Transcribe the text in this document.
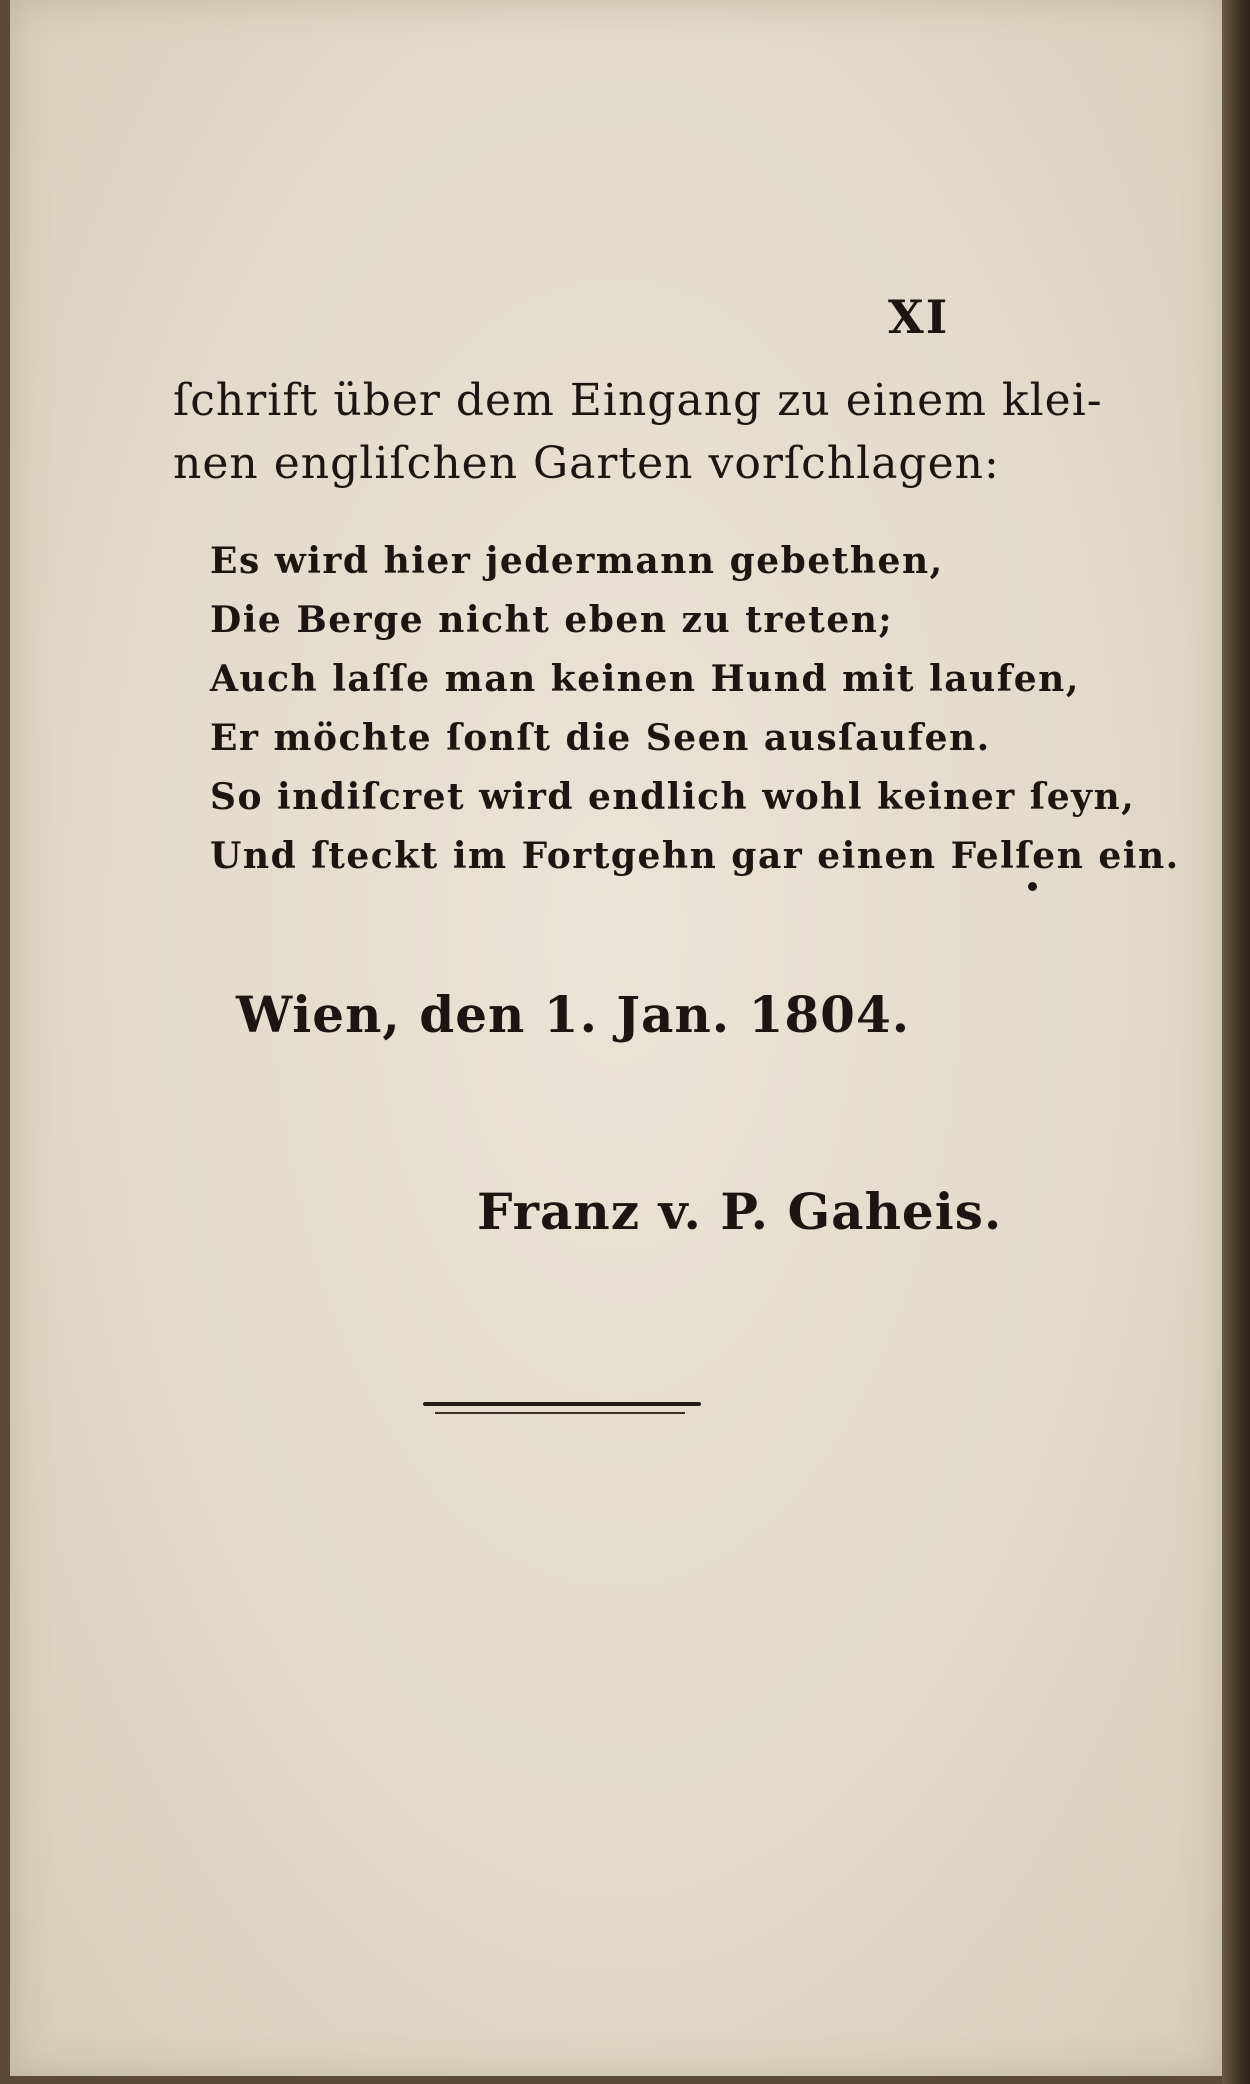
XI
ſchrift über dem Eingang zu einem klei-
nen engliſchen Garten vorſchlagen:
Es wird hier jedermann gebethen,
Die Berge nicht eben zu treten;
Auch laſſe man keinen Hund mit laufen,
Er möchte ſonſt die Seen ausſaufen.
So indiſcret wird endlich wohl keiner ſeyn,
Und ſteckt im Fortgehn gar einen Felſen ein.
Wien, den 1. Jan. 1804.
Franz v. P. Gaheis.
